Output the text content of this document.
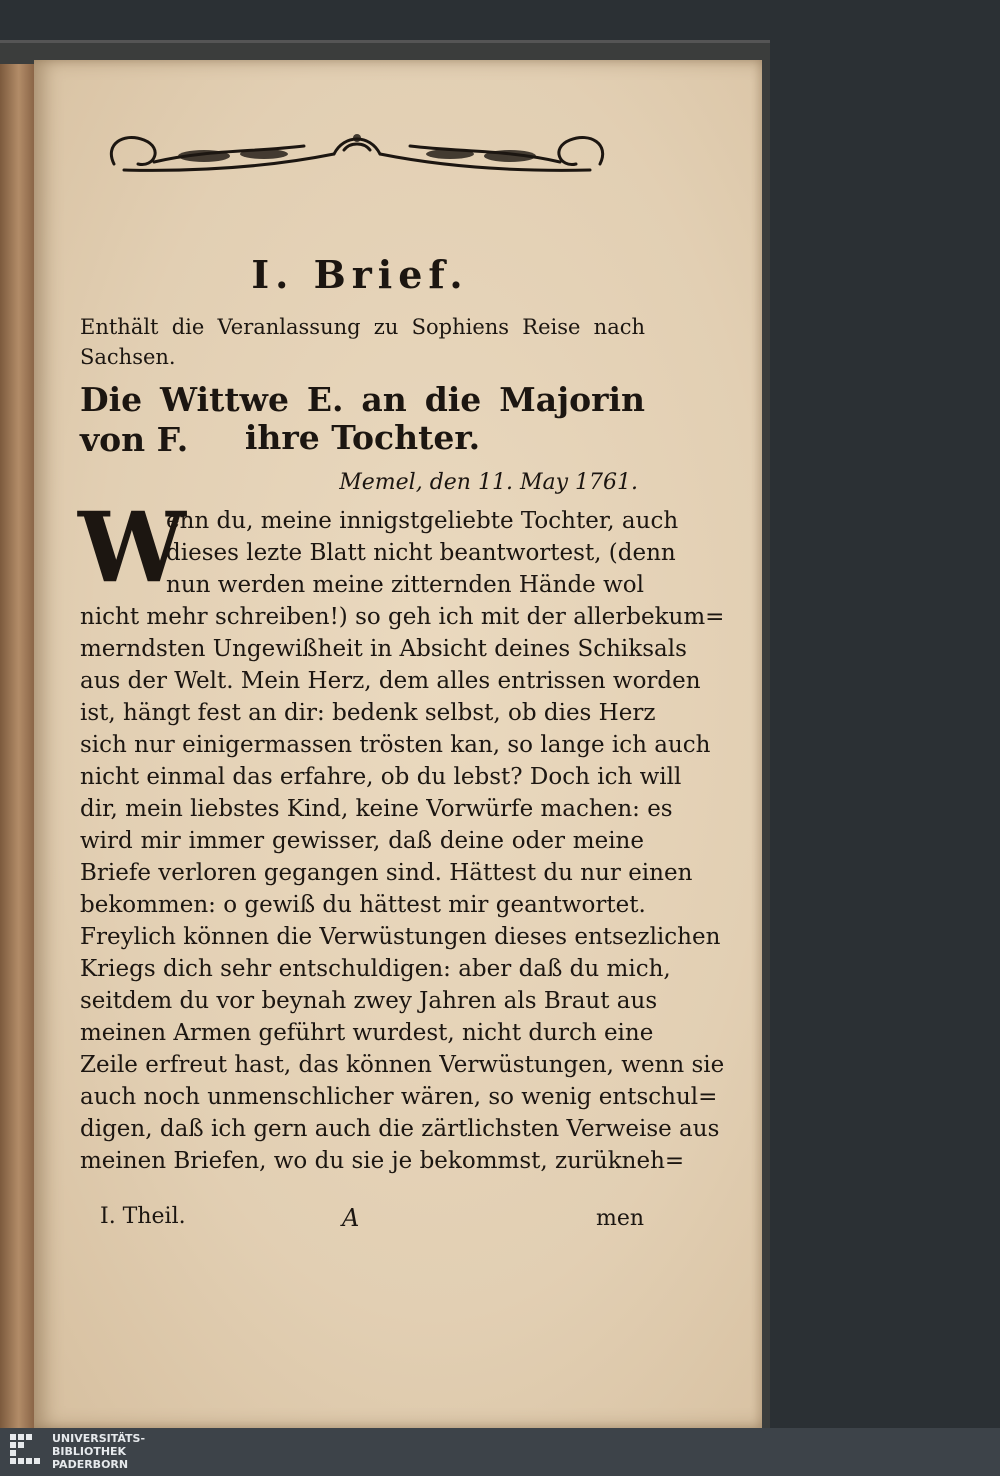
I. Brief.
Enthält die Veranlassung zu Sophiens Reise nach Sachsen.
Die Wittwe E. an die Majorin von F.	ihre Tochter.
Memel, den 11. May 1761.
W
enn du, meine innigstgeliebte Tochter, auch
dieses lezte Blatt nicht beantwortest, (denn
nun werden meine zitternden Hände wol
nicht mehr schreiben!) so geh ich mit der allerbekum=
merndsten Ungewißheit in Absicht deines Schiksals
aus der Welt. Mein Herz, dem alles entrissen worden
ist, hängt fest an dir: bedenk selbst, ob dies Herz
sich nur einigermassen trösten kan, so lange ich auch
nicht einmal das erfahre, ob du lebst? Doch ich will
dir, mein liebstes Kind, keine Vorwürfe machen: es
wird mir immer gewisser, daß deine oder meine
Briefe verloren gegangen sind. Hättest du nur einen
bekommen: o gewiß du hättest mir geantwortet.
Freylich können die Verwüstungen dieses entsezlichen
Kriegs dich sehr entschuldigen: aber daß du mich,
seitdem du vor beynah zwey Jahren als Braut aus
meinen Armen geführt wurdest, nicht durch eine
Zeile erfreut hast, das können Verwüstungen, wenn sie
auch noch unmenschlicher wären, so wenig entschul=
digen, daß ich gern auch die zärtlichsten Verweise aus
meinen Briefen, wo du sie je bekommst, zurükneh=
I. Theil.	A	men
UNIVERSITÄTS-
BIBLIOTHEK
PADERBORN
